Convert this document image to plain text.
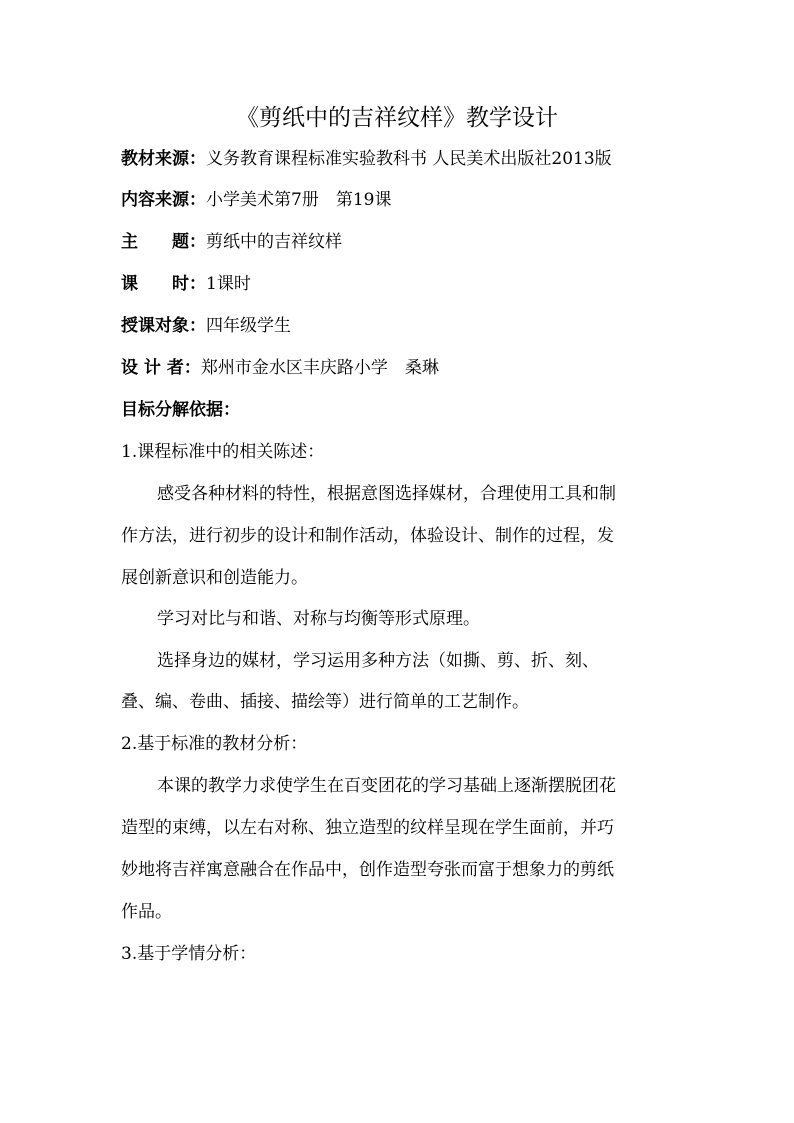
《剪纸中的吉祥纹样》教学设计
教材来源：义务教育课程标准实验教科书 人民美术出版社2013版
内容来源：小学美术第7册　第19课
主　　题：剪纸中的吉祥纹样
课　　时：1课时
授课对象：四年级学生
设 计 者：郑州市金水区丰庆路小学　桑琳
目标分解依据：
1.课程标准中的相关陈述：
感受各种材料的特性，根据意图选择媒材，合理使用工具和制
作方法，进行初步的设计和制作活动，体验设计、制作的过程，发
展创新意识和创造能力。
学习对比与和谐、对称与均衡等形式原理。
选择身边的媒材，学习运用多种方法（如撕、剪、折、刻、
叠、编、卷曲、插接、描绘等）进行简单的工艺制作。
2.基于标准的教材分析：
本课的教学力求使学生在百变团花的学习基础上逐渐摆脱团花
造型的束缚，以左右对称、独立造型的纹样呈现在学生面前，并巧
妙地将吉祥寓意融合在作品中，创作造型夸张而富于想象力的剪纸
作品。
3.基于学情分析：
